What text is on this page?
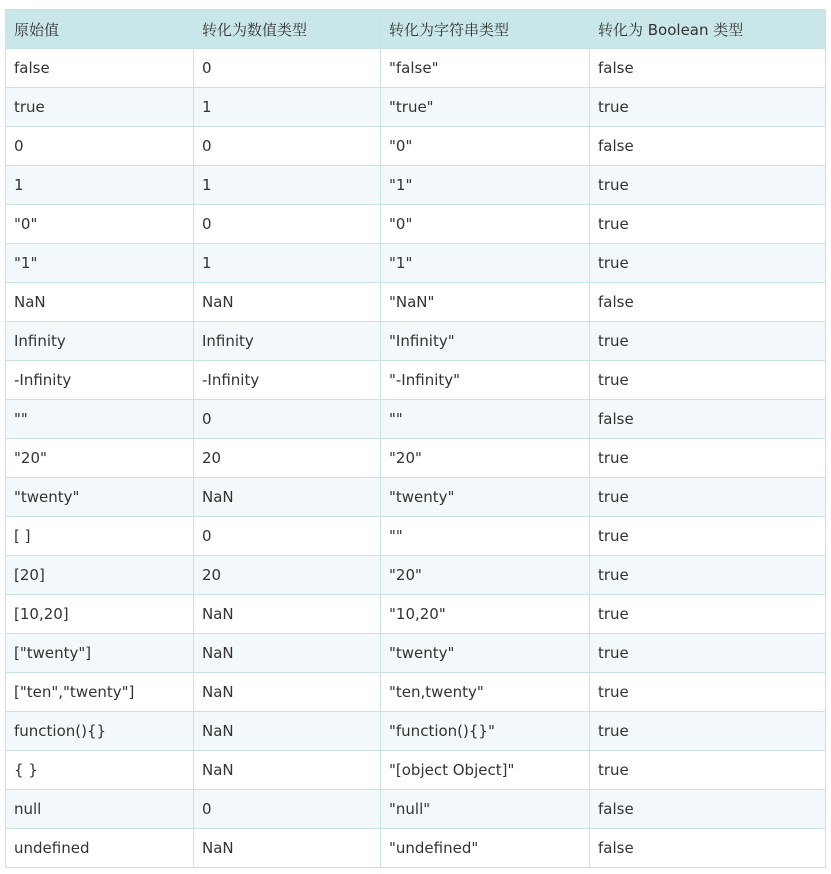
原始值	转化为数值类型	转化为字符串类型	转化为 Boolean 类型
false	0	"false"	false
true	1	"true"	true
0	0	"0"	false
1	1	"1"	true
"0"	0	"0"	true
"1"	1	"1"	true
NaN	NaN	"NaN"	false
Infinity	Infinity	"Infinity"	true
-Infinity	-Infinity	"-Infinity"	true
""	0	""	false
"20"	20	"20"	true
"twenty"	NaN	"twenty"	true
[ ]	0	""	true
[20]	20	"20"	true
[10,20]	NaN	"10,20"	true
["twenty"]	NaN	"twenty"	true
["ten","twenty"]	NaN	"ten,twenty"	true
function(){}	NaN	"function(){}"	true
{ }	NaN	"[object Object]"	true
null	0	"null"	false
undefined	NaN	"undefined"	false
